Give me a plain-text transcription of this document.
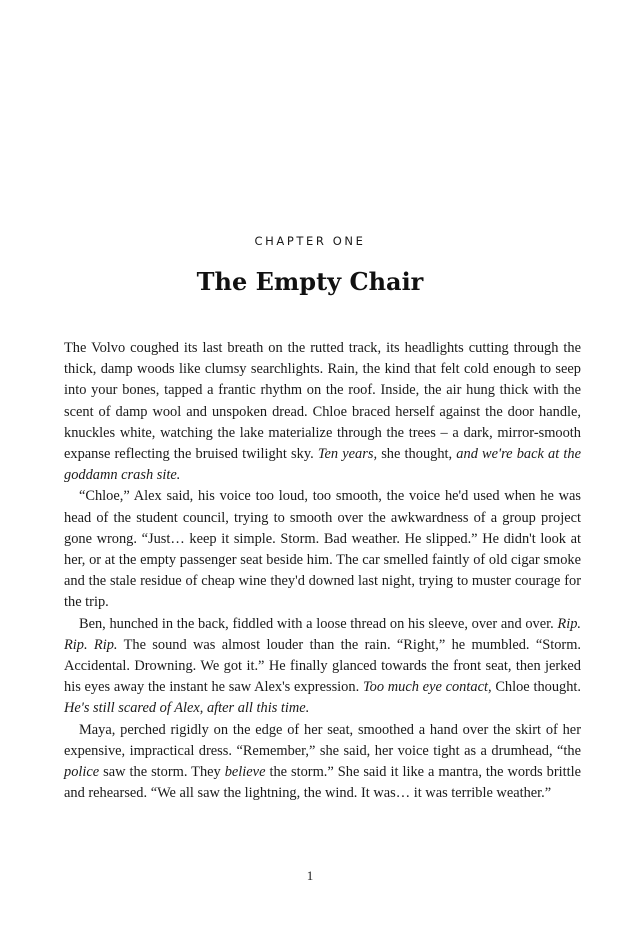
CHAPTER ONE
The Empty Chair

The Volvo coughed its last breath on the rutted track, its headlights cutting through the thick, damp woods like clumsy searchlights. Rain, the kind that felt cold enough to seep into your bones, tapped a frantic rhythm on the roof. Inside, the air hung thick with the scent of damp wool and unspoken dread. Chloe braced herself against the door handle, knuckles white, watching the lake materialize through the trees – a dark, mirror-smooth expanse reflecting the bruised twilight sky. Ten years, she thought, and we're back at the goddamn crash site.

“Chloe,” Alex said, his voice too loud, too smooth, the voice he'd used when he was head of the student council, trying to smooth over the awkwardness of a group project gone wrong. “Just… keep it simple. Storm. Bad weather. He slipped.” He didn't look at her, or at the empty passenger seat beside him. The car smelled faintly of old cigar smoke and the stale residue of cheap wine they'd downed last night, trying to muster courage for the trip.

Ben, hunched in the back, fiddled with a loose thread on his sleeve, over and over. Rip. Rip. Rip. The sound was almost louder than the rain. “Right,” he mumbled. “Storm. Accidental. Drowning. We got it.” He finally glanced towards the front seat, then jerked his eyes away the instant he saw Alex's expression. Too much eye contact, Chloe thought. He's still scared of Alex, after all this time.

Maya, perched rigidly on the edge of her seat, smoothed a hand over the skirt of her expensive, impractical dress. “Remember,” she said, her voice tight as a drumhead, “the police saw the storm. They believe the storm.” She said it like a mantra, the words brittle and rehearsed. “We all saw the lightning, the wind. It was… it was terrible weather.”

1
